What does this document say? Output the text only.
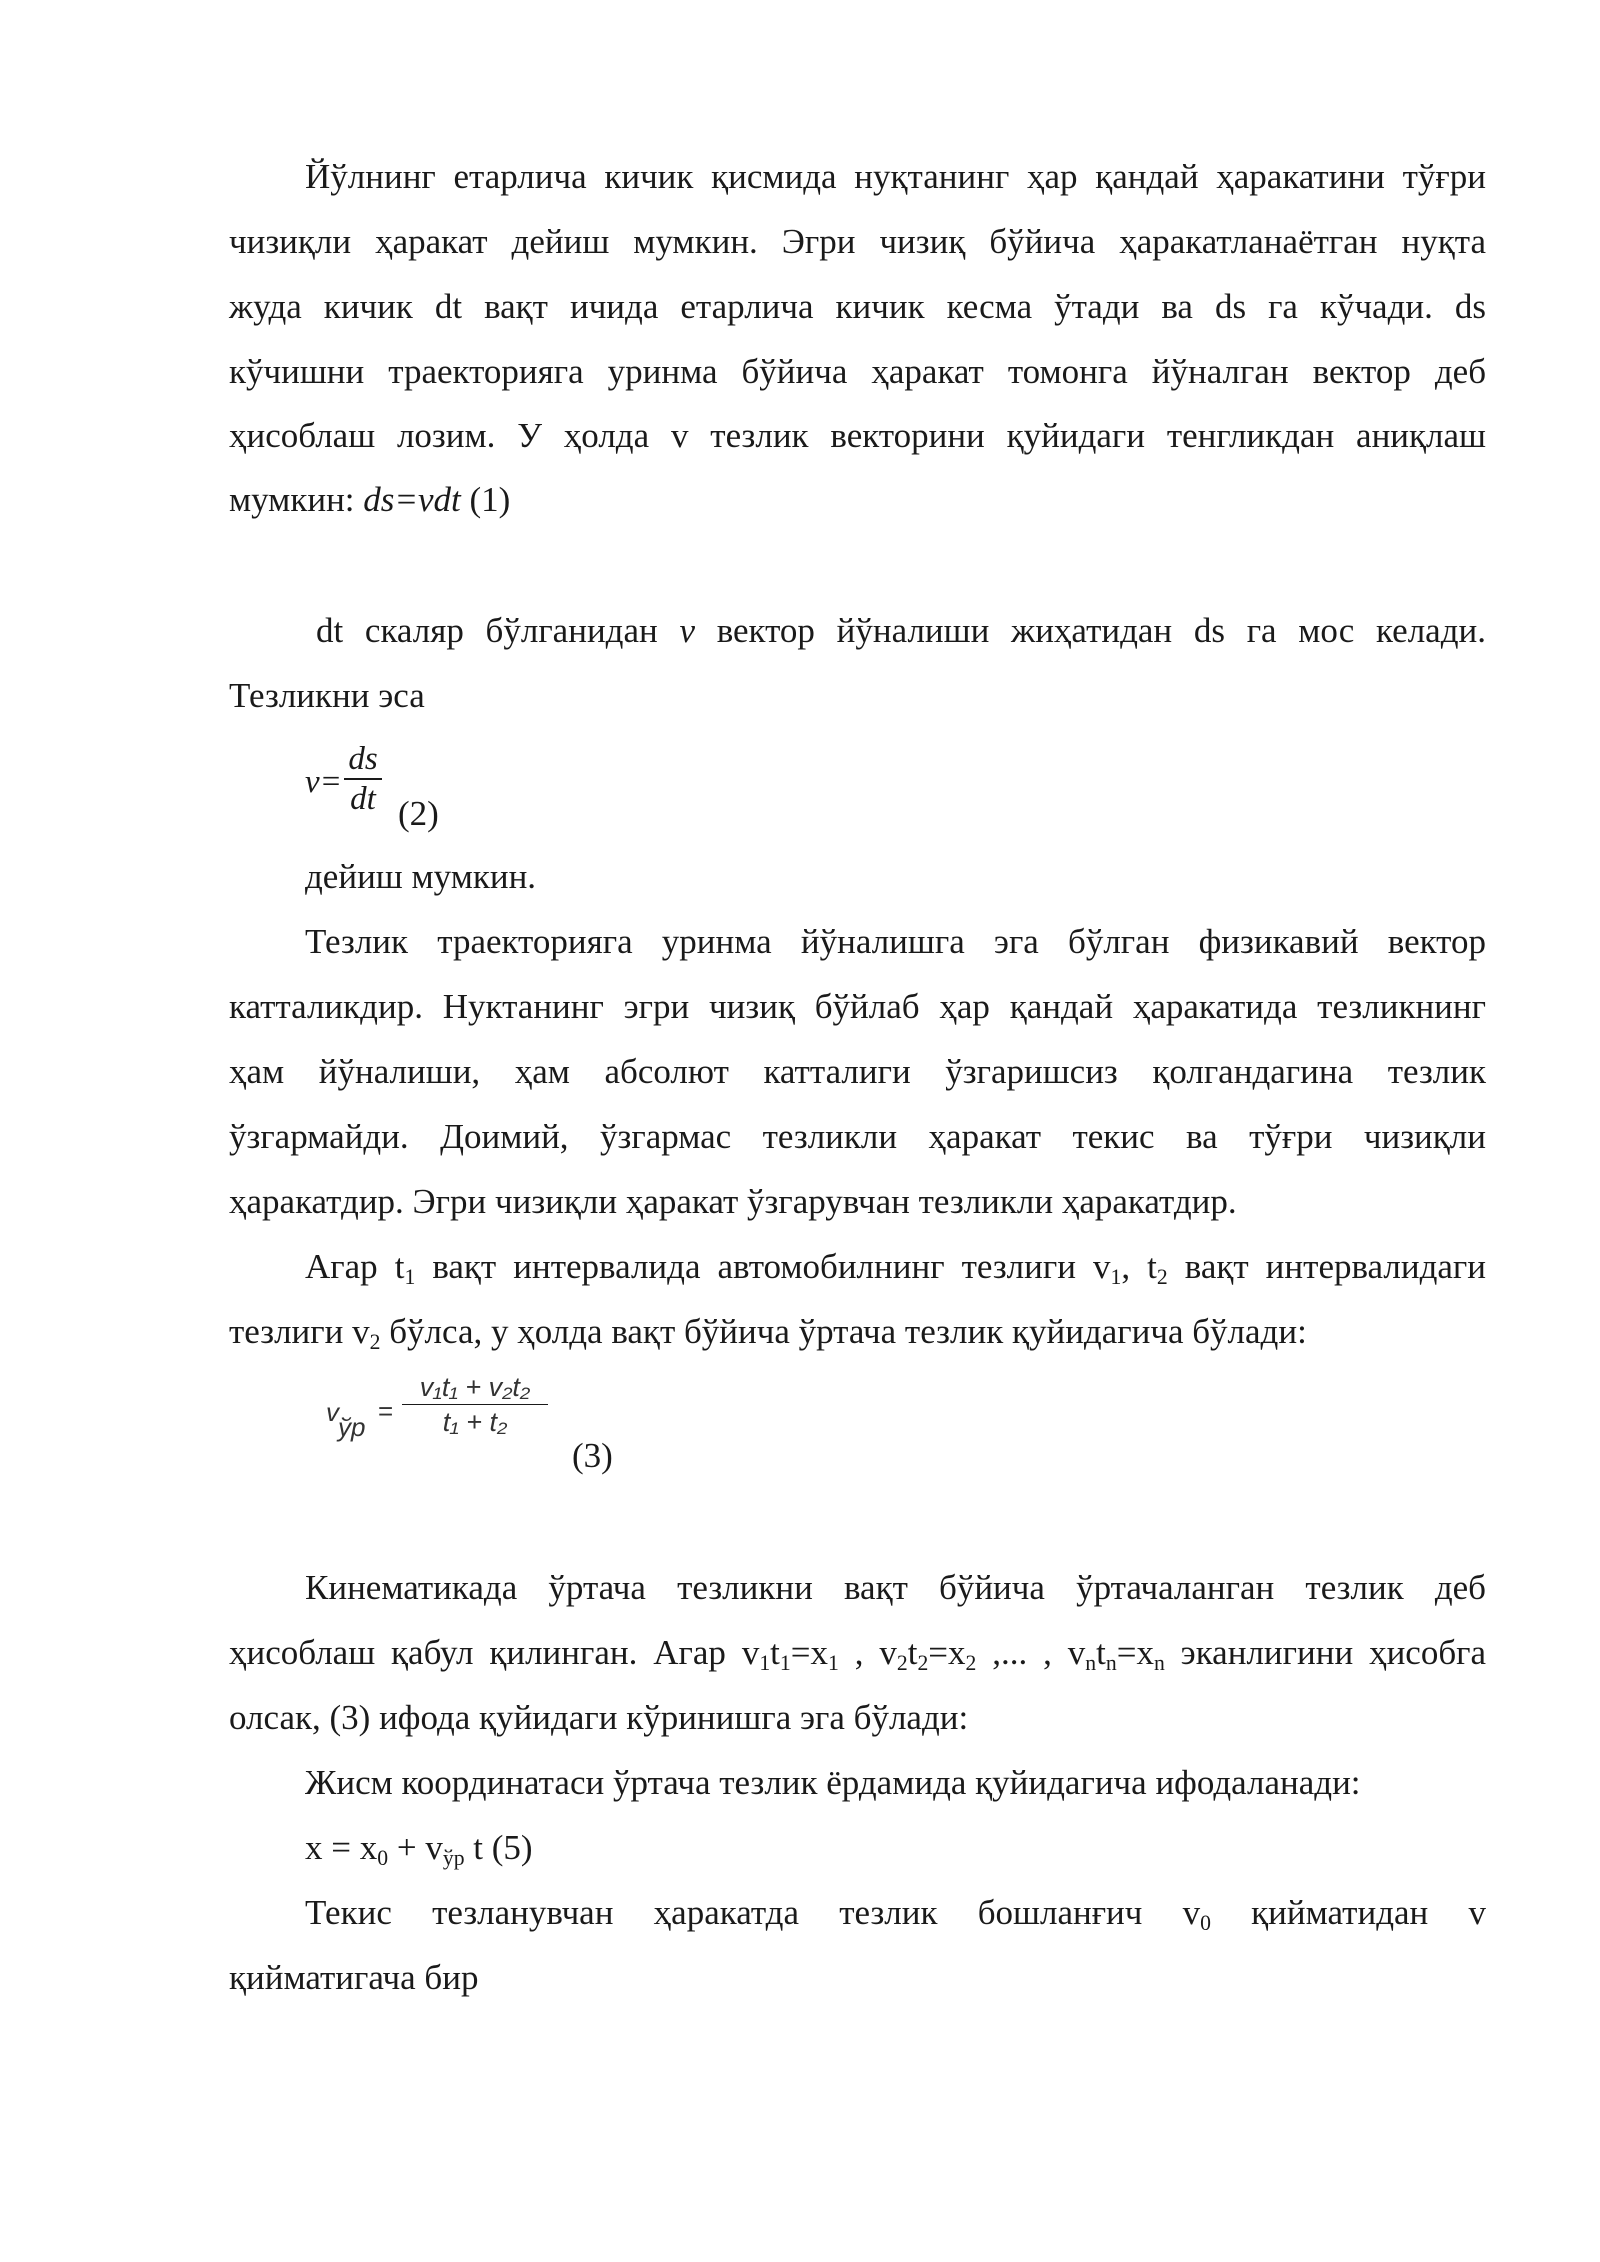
Йўлнинг етарлича кичик қисмида нуқтанинг ҳар қандай ҳаракатини тўғри
чизиқли ҳаракат дейиш мумкин. Эгри чизиқ бўйича ҳаракатланаётган нуқта
жуда кичик dt вақт ичида етарлича кичик кесма ўтади ва ds га кўчади. ds
кўчишни траекторияга уринма бўйича ҳаракат томонга йўналган вектор деб
ҳисоблаш лозим. У ҳолда v тезлик векторини қуйидаги тенгликдан аниқлаш
мумкин: ds=vdt (1)
dt скаляр бўлганидан v вектор йўналиши жиҳатидан ds га мос келади.
Тезликни эса
v=
ds
dt (2)
дейиш мумкин.
Тезлик траекторияга уринма йўналишга эга бўлган физикавий вектор
катталикдир. Нуктанинг эгри чизиқ бўйлаб ҳар қандай ҳаракатида тезликнинг
ҳам йўналиши, ҳам абсолют катталиги ўзгаришсиз қолгандагина тезлик
ўзгармайди. Доимий, ўзгармас тезликли ҳаракат текис ва тўғри чизиқли
ҳаракатдир. Эгри чизиқли ҳаракат ўзгарувчан тезликли ҳаракатдир.
Агар $t_1$ вақт интервалида автомобилнинг тезлиги $v_1$, $t_2$ вақт интервалидаги
тезлиги $v_2$ бўлса, у ҳолда вақт бўйича ўртача тезлик қуйидагича бўлади:
v ўр
=
v₁t₁ + v₂t₂
t₁ + t₂
(3)
Кинематикада ўртача тезликни вақт бўйича ўртачаланган тезлик деб
ҳисоблаш қабул қилинган. Агар $v_1t_1=x_1$ , $v_2t_2=x_2$ ,... , $v_nt_n=x_n$ эканлигини ҳисобга
олсак, (3) ифода қуйидаги кўринишга эга бўлади:
Жисм координатаси ўртача тезлик ёрдамида қуйидагича ифодаланади:
$x = x_0 + v_{ўр}$ t (5)
Текис тезланувчан ҳаракатда тезлик бошланғич $v_0$ қийматидан v
қийматигача бир
